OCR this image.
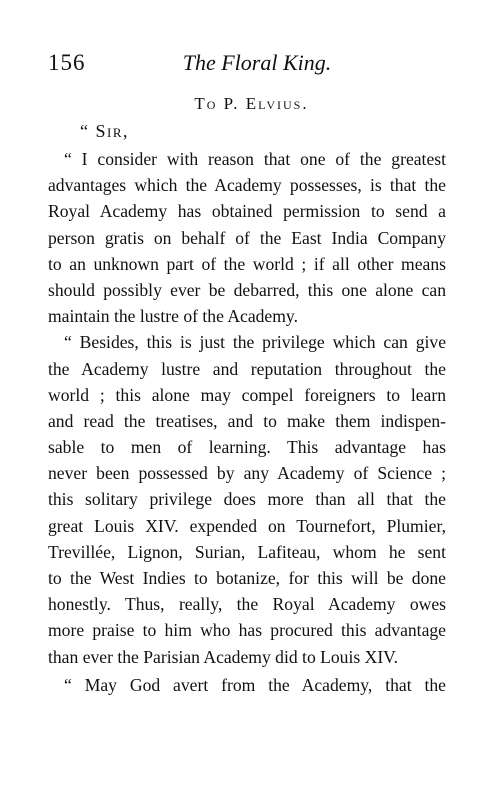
156	The Floral King.
To P. Elvius.
“ Sir,
“ I consider with reason that one of the greatest
advantages which the Academy possesses, is that the
Royal Academy has obtained permission to send a
person gratis on behalf of the East India Company
to an unknown part of the world ; if all other means
should possibly ever be debarred, this one alone can
maintain the lustre of the Academy.
“ Besides, this is just the privilege which can give
the Academy lustre and reputation throughout the
world ; this alone may compel foreigners to learn
and read the treatises, and to make them indispen-
sable to men of learning. This advantage has
never been possessed by any Academy of Science ;
this solitary privilege does more than all that the
great Louis XIV. expended on Tournefort, Plumier,
Trevillée, Lignon, Surian, Lafiteau, whom he sent
to the West Indies to botanize, for this will be done
honestly. Thus, really, the Royal Academy owes
more praise to him who has procured this advantage
than ever the Parisian Academy did to Louis XIV.
“ May God avert from the Academy, that the
